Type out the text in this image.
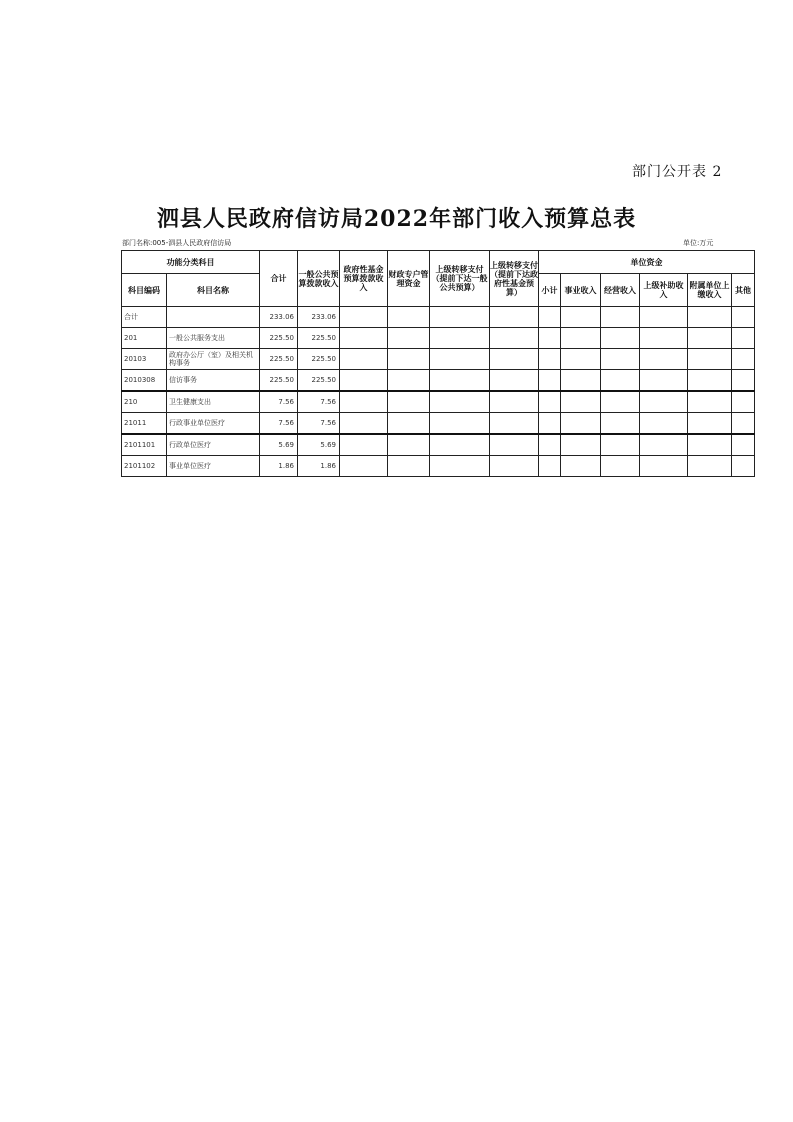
部门公开表 2
泗县人民政府信访局2022年部门收入预算总表
部门名称:005-泗县人民政府信访局	单位:万元
功能分类科目		合计	一般公共预算拨款收入	政府性基金预算拨款收入	财政专户管理资金	上级转移支付（提前下达一般公共预算）	上级转移支付（提前下达政府性基金预算）	单位资金					
科目编码	科目名称							小计	事业收入	经营收入	上级补助收入	附属单位上缴收入	其他
合计		233.06	233.06										
201	一般公共服务支出	225.50	225.50										
20103	政府办公厅（室）及相关机构事务	225.50	225.50										
2010308	信访事务	225.50	225.50										
210	卫生健康支出	7.56	7.56										
21011	行政事业单位医疗	7.56	7.56										
2101101	行政单位医疗	5.69	5.69										
2101102	事业单位医疗	1.86	1.86										
